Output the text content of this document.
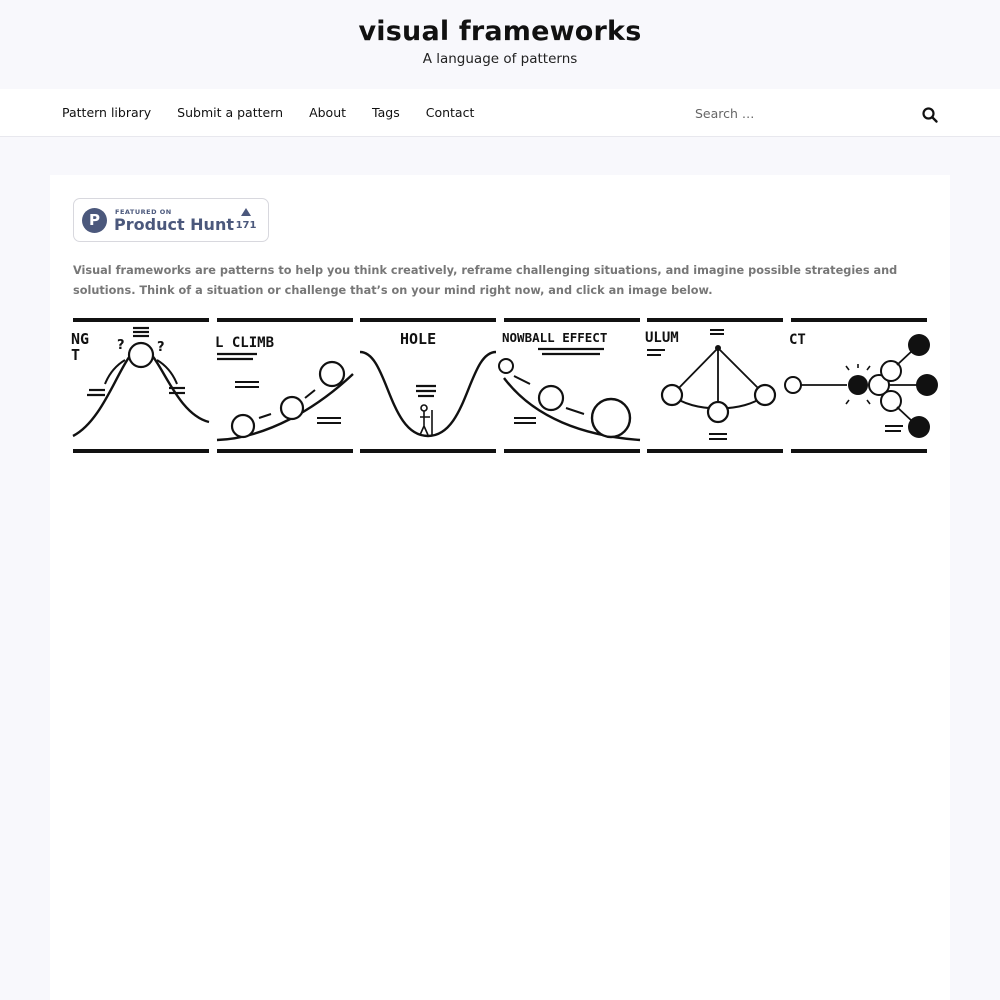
visual frameworks
A language of patterns
Pattern library Submit a pattern About Tags Contact
Search …
P	FEATURED ON
Product Hunt 171
Visual frameworks are patterns to help you think creatively, reframe challenging situations, and imagine possible strategies and solutions. Think of a situation or challenge that’s on your mind right now, and click an image below.
NG T
? ?	L CLIMB	HOLE	NOWBALL EFFECT	ULUM	CT
